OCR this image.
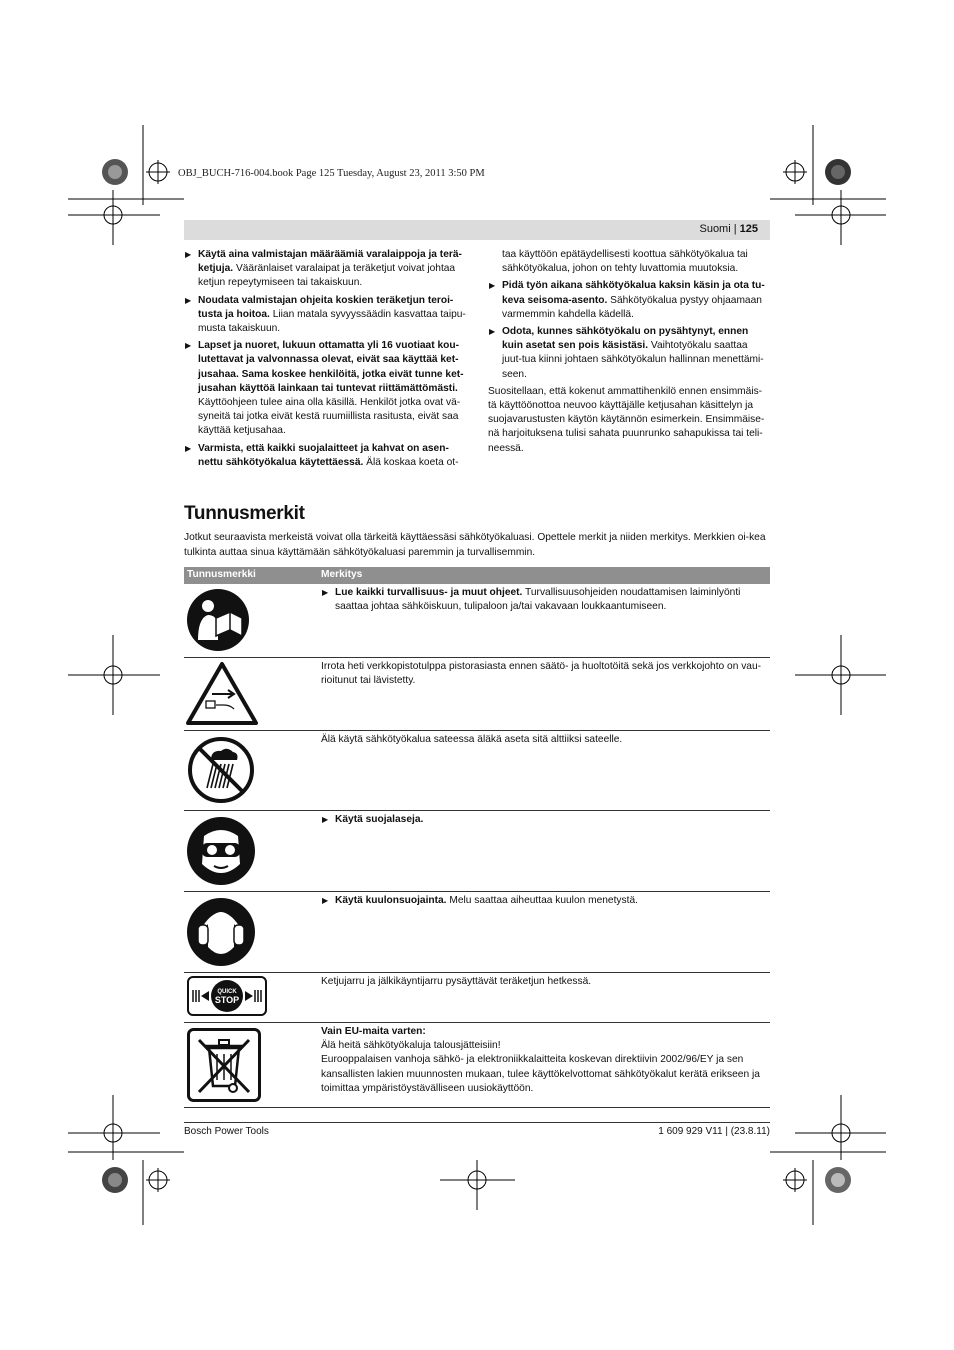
OBJ_BUCH-716-004.book Page 125 Tuesday, August 23, 2011 3:50 PM
Suomi | 125
▶ Käytä aina valmistajan määräämiä varalaippoja ja terä-ketjuja. Vääränlaiset varalaipat ja teräketjut voivat johtaa ketjun repeytymiseen tai takaiskuun.
▶ Noudata valmistajan ohjeita koskien teräketjun teroi-tusta ja hoitoa. Liian matala syvyyssäädin kasvattaa taipu-musta takaiskuun.
▶ Lapset ja nuoret, lukuun ottamatta yli 16 vuotiaat kou-lutettavat ja valvonnassa olevat, eivät saa käyttää ket-jusahaa. Sama koskee henkilöitä, jotka eivät tunne ket-jusahan käyttöä lainkaan tai tuntevat riittämättömästi. Käyttöohjeen tulee aina olla käsillä. Henkilöt jotka ovat vä-syneitä tai jotka eivät kestä ruumiillista rasitusta, eivät saa käyttää ketjusahaa.
▶ Varmista, että kaikki suojalaitteet ja kahvat on asen-nettu sähkötyökalua käytettäessä. Älä koskaa koeta ot-

taa käyttöön epätäydellisesti koottua sähkötyökalua tai sähkötyökalua, johon on tehty luvattomia muutoksia.

▶ Pidä työn aikana sähkötyökalua kaksin käsin ja ota tu-keva seisoma-asento. Sähkötyökalua pystyy ohjaamaan varmemmin kahdella kädellä.
▶ Odota, kunnes sähkötyökalu on pysähtynyt, ennen kuin asetat sen pois käsistäsi. Vaihtotyökalu saattaa juut-tua kiinni johtaen sähkötyökalun hallinnan menettämi-seen.

Suositellaan, että kokenut ammattihenkilö ennen ensimmäis-tä käyttöönottoa neuvoo käyttäjälle ketjusahan käsittelyn ja suojavarustusten käytön käytännön esimerkein. Ensimmäise-nä harjoituksena tulisi sahata puunrunko sahapukissa tai teli-neessä.

Tunnusmerkit
Jotkut seuraavista merkeistä voivat olla tärkeitä käyttäessäsi sähkötyökaluasi. Opettele merkit ja niiden merkitys. Merkkien oi-kea tulkinta auttaa sinua käyttämään sähkötyökaluasi paremmin ja turvallisemmin.
Tunnusmerkki	Merkitys

▶ Lue kaikki turvallisuus- ja muut ohjeet. Turvallisuusohjeiden noudattamisen laiminlyönti saattaa johtaa sähköiskuun, tulipaloon ja/tai vakavaan loukkaantumiseen.

Irrota heti verkkopistotulppa pistorasiasta ennen säätö- ja huoltotöitä sekä jos verkkojohto on vau-rioitunut tai lävistetty.

Älä käytä sähkötyökalua sateessa äläkä aseta sitä alttiiksi sateelle.

▶ Käytä suojalaseja.

▶ Käytä kuulonsuojainta. Melu saattaa aiheuttaa kuulon menetystä.

QUICK
STOP	Ketjujarru ja jälkikäyntijarru pysäyttävät teräketjun hetkessä.

Vain EU-maita varten:
Älä heitä sähkötyökaluja talousjätteisiin!
Eurooppalaisen vanhoja sähkö- ja elektroniikkalaitteita koskevan direktiivin 2002/96/EY ja sen kansallisten lakien muunnosten mukaan, tulee käyttökelvottomat sähkötyökalut kerätä erikseen ja toimittaa ympäristöystävälliseen uusiokäyttöön.
Bosch Power Tools	1 609 929 V11 | (23.8.11)
